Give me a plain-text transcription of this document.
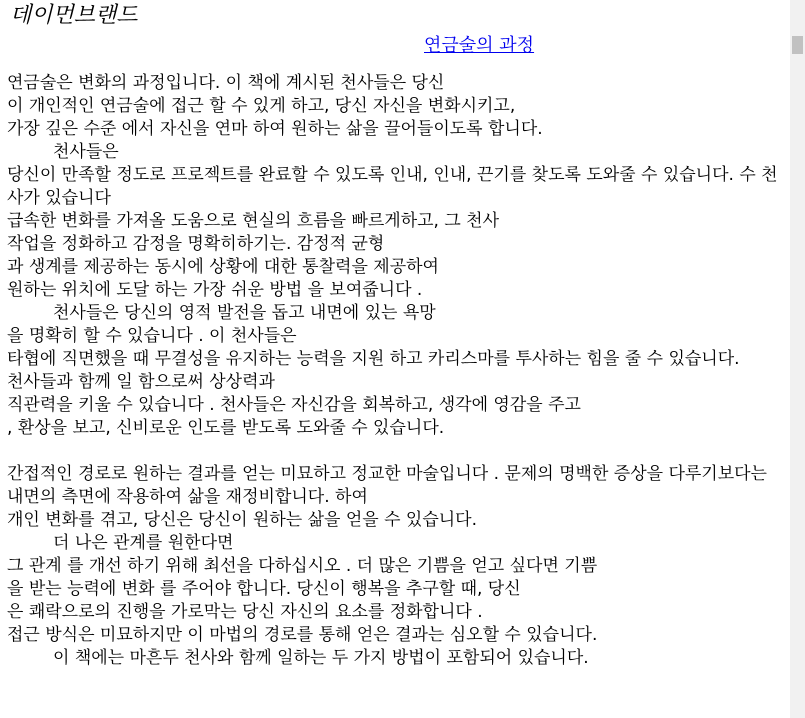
데이먼브랜드
연금술의 과정
연금술은 변화의 과정입니다. 이 책에 계시된 천사들은 당신
이 개인적인 연금술에 접근 할 수 있게 하고, 당신 자신을 변화시키고,
가장 깊은 수준 에서 자신을 연마 하여 원하는 삶을 끌어들이도록 합니다.
천사들은
당신이 만족할 정도로 프로젝트를 완료할 수 있도록 인내, 인내, 끈기를 찾도록 도와줄 수 있습니다. 수 천사가 있습니다
급속한 변화를 가져올 도움으로 현실의 흐름을 빠르게하고, 그 천사
작업을 정화하고 감정을 명확히하기는. 감정적 균형
과 생계를 제공하는 동시에 상황에 대한 통찰력을 제공하여
원하는 위치에 도달 하는 가장 쉬운 방법 을 보여줍니다 .
천사들은 당신의 영적 발전을 돕고 내면에 있는 욕망
을 명확히 할 수 있습니다 . 이 천사들은
타협에 직면했을 때 무결성을 유지하는 능력을 지원 하고 카리스마를 투사하는 힘을 줄 수 있습니다.
천사들과 함께 일 함으로써 상상력과
직관력을 키울 수 있습니다 . 천사들은 자신감을 회복하고, 생각에 영감을 주고
, 환상을 보고, 신비로운 인도를 받도록 도와줄 수 있습니다.
간접적인 경로로 원하는 결과를 얻는 미묘하고 정교한 마술입니다 . 문제의 명백한 증상을 다루기보다는
내면의 측면에 작용하여 삶을 재정비합니다. 하여
개인 변화를 겪고, 당신은 당신이 원하는 삶을 얻을 수 있습니다.
더 나은 관계를 원한다면
그 관계 를 개선 하기 위해 최선을 다하십시오 . 더 많은 기쁨을 얻고 싶다면 기쁨
을 받는 능력에 변화 를 주어야 합니다. 당신이 행복을 추구할 때, 당신
은 쾌락으로의 진행을 가로막는 당신 자신의 요소를 정화합니다 .
접근 방식은 미묘하지만 이 마법의 경로를 통해 얻은 결과는 심오할 수 있습니다.
이 책에는 마흔두 천사와 함께 일하는 두 가지 방법이 포함되어 있습니다.
